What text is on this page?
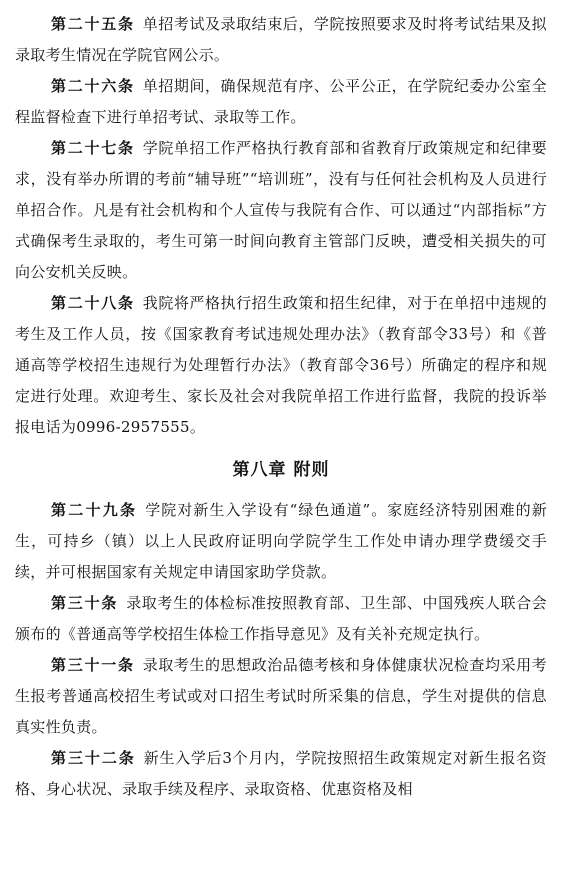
第二十五条 单招考试及录取结束后，学院按照要求及时将考试结果及拟录取考生情况在学院官网公示。

第二十六条 单招期间，确保规范有序、公平公正，在学院纪委办公室全程监督检查下进行单招考试、录取等工作。

第二十七条 学院单招工作严格执行教育部和省教育厅政策规定和纪律要求，没有举办所谓的考前“辅导班”“培训班”，没有与任何社会机构及人员进行单招合作。凡是有社会机构和个人宣传与我院有合作、可以通过“内部指标”方式确保考生录取的，考生可第一时间向教育主管部门反映，遭受相关损失的可向公安机关反映。

第二十八条 我院将严格执行招生政策和招生纪律，对于在单招中违规的考生及工作人员，按《国家教育考试违规处理办法》（教育部令33号）和《普通高等学校招生违规行为处理暂行办法》（教育部令36号）所确定的程序和规定进行处理。欢迎考生、家长及社会对我院单招工作进行监督，我院的投诉举报电话为0996-2957555。

第八章 附则

第二十九条 学院对新生入学设有“绿色通道”。家庭经济特别困难的新生，可持乡（镇）以上人民政府证明向学院学生工作处申请办理学费缓交手续，并可根据国家有关规定申请国家助学贷款。

第三十条 录取考生的体检标准按照教育部、卫生部、中国残疾人联合会颁布的《普通高等学校招生体检工作指导意见》及有关补充规定执行。

第三十一条 录取考生的思想政治品德考核和身体健康状况检查均采用考生报考普通高校招生考试或对口招生考试时所采集的信息，学生对提供的信息真实性负责。

第三十二条 新生入学后3个月内，学院按照招生政策规定对新生报名资格、身心状况、录取手续及程序、录取资格、优惠资格及相
